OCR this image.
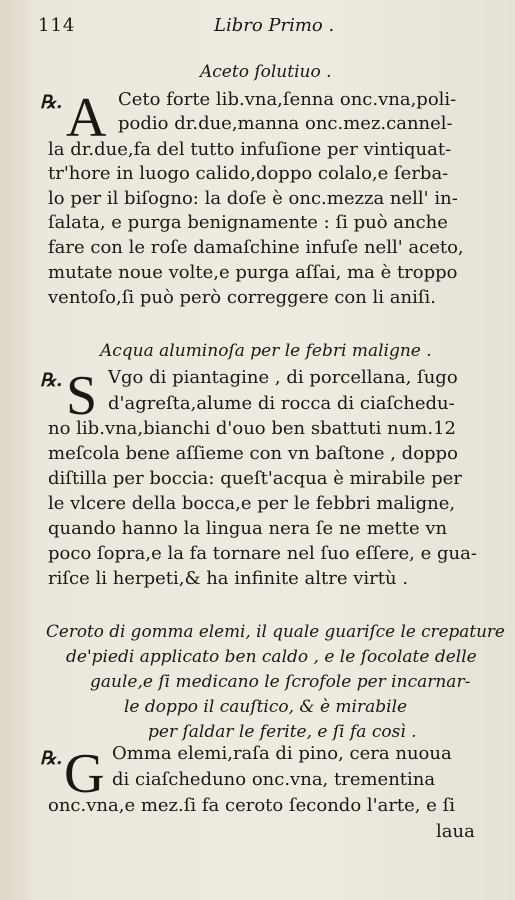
114	Libro Primo .
Aceto ſolutiuo .
℞. A Ceto forte lib.vna,ſenna onc.vna,poli-
podio dr.due,manna onc.mez.cannel-
la dr.due,fa del tutto infuſione per vintiquat-
tr'hore in luogo calido,doppo colalo,e ſerba-
lo per il biſogno: la doſe è onc.mezza nell' in-
ſalata, e purga benignamente : ſi può anche
fare con le roſe damaſchine infuſe nell' aceto,
mutate noue volte,e purga aſſai, ma è troppo
ventoſo,ſi può però correggere con li aniſi.
Acqua aluminoſa per le febri maligne .
℞. S Vgo di piantagine , di porcellana, ſugo
d'agreſta,alume di rocca di ciaſchedu-
no lib.vna,bianchi d'ouo ben sbattuti num.12
meſcola bene aſſieme con vn baſtone , doppo
diſtilla per boccia: queſt'acqua è mirabile per
le vlcere della bocca,e per le febbri maligne,
quando hanno la lingua nera ſe ne mette vn
poco ſopra,e la fa tornare nel ſuo eſſere, e gua-
riſce li herpeti,& ha infinite altre virtù .
Ceroto di gomma elemi, il quale guariſce le crepature
de'piedi applicato ben caldo , e le ſocolate delle
gaule,e ſi medicano le ſcrofole per incarnar-
le doppo il cauſtico, & è mirabile
per ſaldar le ferite, e ſi fa così .
℞. G Omma elemi,raſa di pino, cera nuoua
di ciaſcheduno onc.vna, trementina
onc.vna,e mez.ſi fa ceroto ſecondo l'arte, e ſi
laua
